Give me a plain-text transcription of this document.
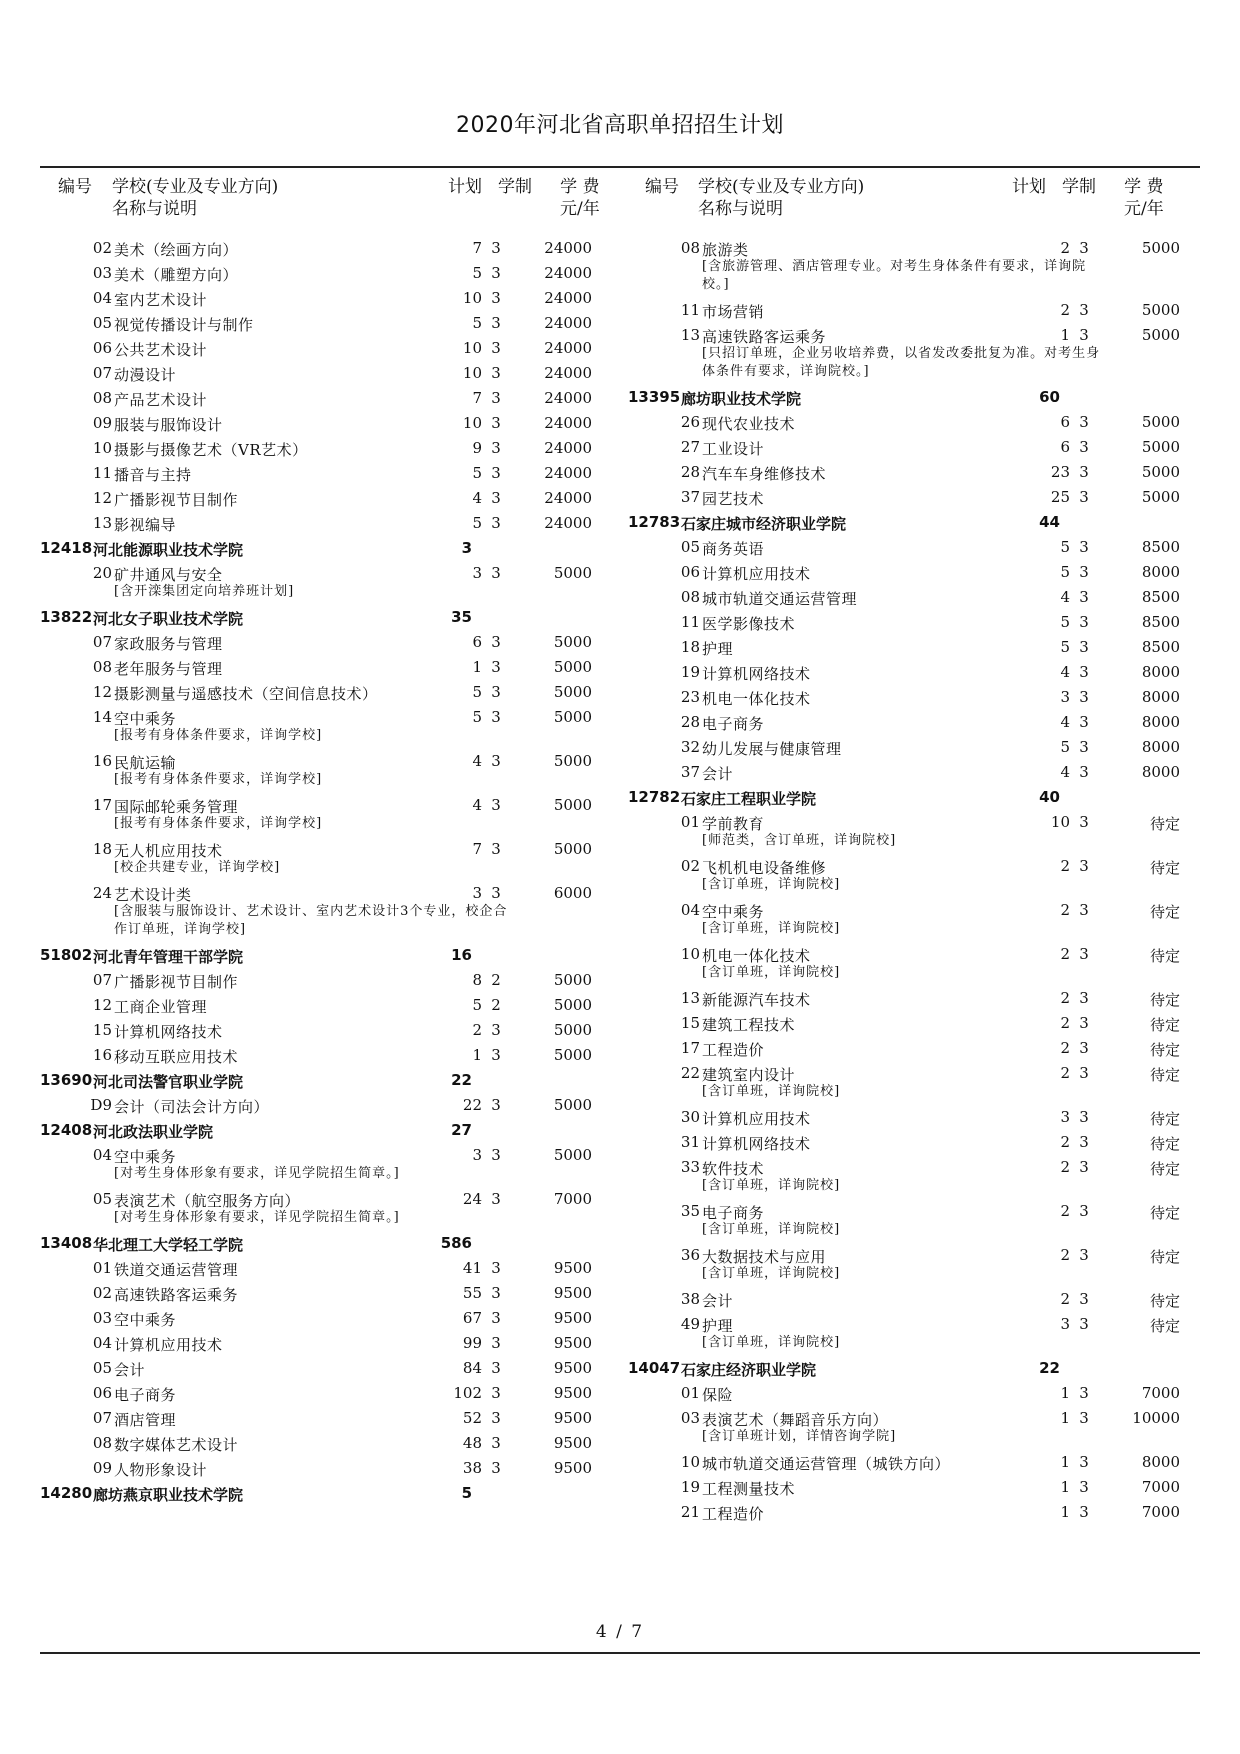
2020年河北省高职单招招生计划
编号 学校(专业及专业方向)
名称与说明
计划 学制 学 费
元/年
编号 学校(专业及专业方向)
名称与说明
计划 学制 学 费
元/年
02 美术（绘画方向）	7 3	24000
03 美术（雕塑方向）	5 3	24000
04 室内艺术设计	10 3	24000
05 视觉传播设计与制作	5 3	24000
06 公共艺术设计	10 3	24000
07 动漫设计	10 3	24000
08 产品艺术设计	7 3	24000
09 服装与服饰设计	10 3	24000
10 摄影与摄像艺术（VR艺术）	9 3	24000
11 播音与主持	5 3	24000
12 广播影视节目制作	4 3	24000
13 影视编导	5 3	24000
12418 河北能源职业技术学院	3
20 矿井通风与安全	3 3	5000
[含开滦集团定向培养班计划]
13822 河北女子职业技术学院	35
07 家政服务与管理	6 3	5000
08 老年服务与管理	1 3	5000
12 摄影测量与遥感技术（空间信息技术）	5 3	5000
14 空中乘务	5 3	5000
[报考有身体条件要求，详询学校]
16 民航运输	4 3	5000
[报考有身体条件要求，详询学校]
17 国际邮轮乘务管理	4 3	5000
[报考有身体条件要求，详询学校]
18 无人机应用技术	7 3	5000
[校企共建专业，详询学校]
24 艺术设计类	3 3	6000
[含服装与服饰设计、艺术设计、室内艺术设计3个专业，校企合作订单班，详询学校]
51802 河北青年管理干部学院	16
07 广播影视节目制作	8 2	5000
12 工商企业管理	5 2	5000
15 计算机网络技术	2 3	5000
16 移动互联应用技术	1 3	5000
13690 河北司法警官职业学院	22
D9 会计（司法会计方向）	22 3	5000
12408 河北政法职业学院	27
04 空中乘务	3 3	5000
[对考生身体形象有要求，详见学院招生简章。]
05 表演艺术（航空服务方向）	24 3	7000
[对考生身体形象有要求，详见学院招生简章。]
13408 华北理工大学轻工学院	586
01 铁道交通运营管理	41 3	9500
02 高速铁路客运乘务	55 3	9500
03 空中乘务	67 3	9500
04 计算机应用技术	99 3	9500
05 会计	84 3	9500
06 电子商务	102 3	9500
07 酒店管理	52 3	9500
08 数字媒体艺术设计	48 3	9500
09 人物形象设计	38 3	9500
14280 廊坊燕京职业技术学院	5
08 旅游类	2 3	5000
[含旅游管理、酒店管理专业。对考生身体条件有要求，详询院校。]
11 市场营销	2 3	5000
13 高速铁路客运乘务	1 3	5000
[只招订单班，企业另收培养费，以省发改委批复为准。对考生身体条件有要求，详询院校。]
13395 廊坊职业技术学院	60
26 现代农业技术	6 3	5000
27 工业设计	6 3	5000
28 汽车车身维修技术	23 3	5000
37 园艺技术	25 3	5000
12783 石家庄城市经济职业学院	44
05 商务英语	5 3	8500
06 计算机应用技术	5 3	8000
08 城市轨道交通运营管理	4 3	8500
11 医学影像技术	5 3	8500
18 护理	5 3	8500
19 计算机网络技术	4 3	8000
23 机电一体化技术	3 3	8000
28 电子商务	4 3	8000
32 幼儿发展与健康管理	5 3	8000
37 会计	4 3	8000
12782 石家庄工程职业学院	40
01 学前教育	10 3	待定
[师范类，含订单班，详询院校]
02 飞机机电设备维修	2 3	待定
[含订单班，详询院校]
04 空中乘务	2 3	待定
[含订单班，详询院校]
10 机电一体化技术	2 3	待定
[含订单班，详询院校]
13 新能源汽车技术	2 3	待定
15 建筑工程技术	2 3	待定
17 工程造价	2 3	待定
22 建筑室内设计	2 3	待定
[含订单班，详询院校]
30 计算机应用技术	3 3	待定
31 计算机网络技术	2 3	待定
33 软件技术	2 3	待定
[含订单班，详询院校]
35 电子商务	2 3	待定
[含订单班，详询院校]
36 大数据技术与应用	2 3	待定
[含订单班，详询院校]
38 会计	2 3	待定
49 护理	3 3	待定
[含订单班，详询院校]
14047 石家庄经济职业学院	22
01 保险	1 3	7000
03 表演艺术（舞蹈音乐方向）	1 3	10000
[含订单班计划，详情咨询学院]
10 城市轨道交通运营管理（城铁方向）	1 3	8000
19 工程测量技术	1 3	7000
21 工程造价	1 3	7000
4 / 7
